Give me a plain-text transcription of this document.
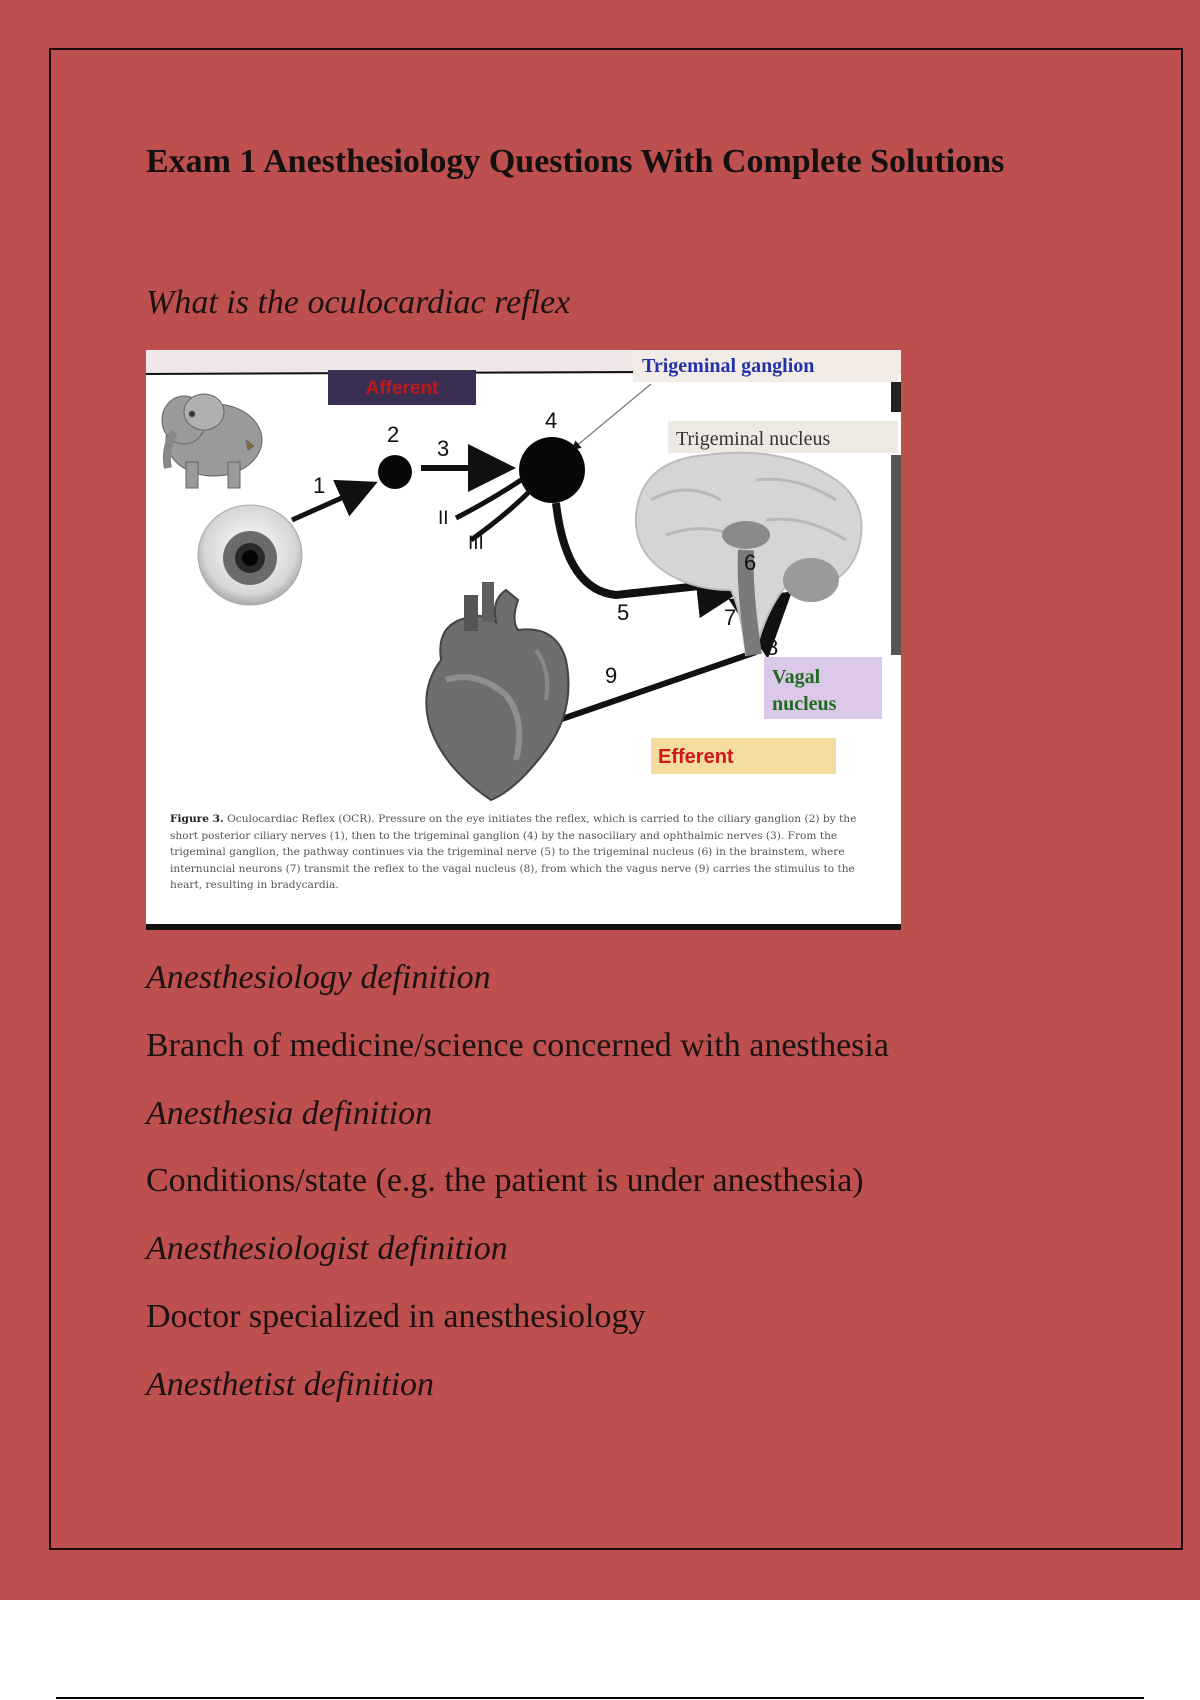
Exam 1 Anesthesiology Questions With Complete Solutions

What is the oculocardiac reflex

Afferent
Trigeminal ganglion
Trigeminal nucleus
Vagal
nucleus
Efferent
1
2
3
4
5
6
7
8
9
II
III
Figure 3. Oculocardiac Reflex (OCR). Pressure on the eye initiates the reflex, which is carried to the ciliary ganglion (2) by the short posterior ciliary nerves (1), then to the trigeminal ganglion (4) by the nasociliary and ophthalmic nerves (3). From the trigeminal ganglion, the pathway continues via the trigeminal nerve (5) to the trigeminal nucleus (6) in the brainstem, where internuncial neurons (7) transmit the reflex to the vagal nucleus (8), from which the vagus nerve (9) carries the stimulus to the heart, resulting in bradycardia.

Anesthesiology definition

Branch of medicine/science concerned with anesthesia

Anesthesia definition

Conditions/state (e.g. the patient is under anesthesia)

Anesthesiologist definition

Doctor specialized in anesthesiology

Anesthetist definition
